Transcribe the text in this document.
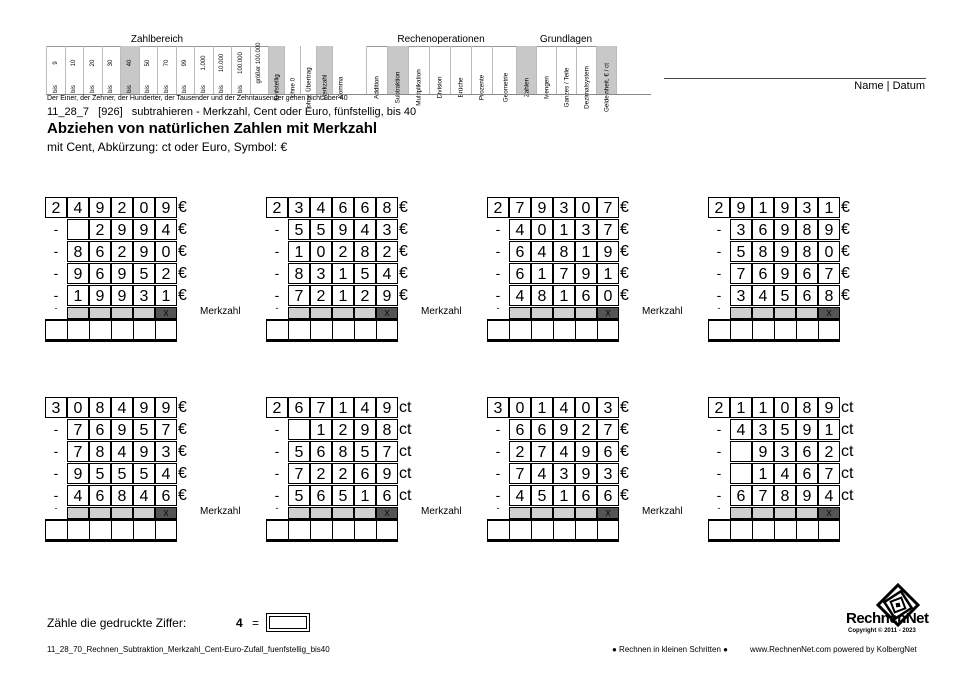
Zahlbereich	Rechenoperationen	Grundlagen
9
bis
10
bis
20
bis
30
bis
40
bis
50
bis
70
bis
99
bis
1.000
bis
10.000
bis
100.000
bis
größer 100.000
fünfstellig ohne 0 ohne Übertrag Merkzahl Komma	Addition Subtraktion Multiplikation Division Brüche Prozente	Geometrie Zahlen Mengen Ganzes / Teile Dezimalsystem Geldeinheit, € / ct
Der Einer, der Zehner, der Hunderter, der Tausender und der Zehntausender gehen nicht über 40
Name | Datum
11_28_7   [926]   subtrahieren - Merkzahl, Cent oder Euro, fünfstellig, bis 40
Abziehen von natürlichen Zahlen mit Merkzahl
mit Cent, Abkürzung: ct oder Euro, Symbol: €
2 4 9 2 0 9 €
-	2 9 9 4 €
- 8 6 2 9 0 €
- 9 6 9 5 2 €
- 1 9 9 3 1 €
-
X	Merkzahl
2 3 4 6 6 8 €
- 5 5 9 4 3 €
- 1 0 2 8 2 €
- 8 3 1 5 4 €
- 7 2 1 2 9 €
-
X	Merkzahl
2 7 9 3 0 7 €
- 4 0 1 3 7 €
- 6 4 8 1 9 €
- 6 1 7 9 1 €
- 4 8 1 6 0 €
-
X	Merkzahl
2 9 1 9 3 1 €
- 3 6 9 8 9 €
- 5 8 9 8 0 €
- 7 6 9 6 7 €
- 3 4 5 6 8 €
-
X
3 0 8 4 9 9 €
- 7 6 9 5 7 €
- 7 8 4 9 3 €
- 9 5 5 5 4 €
- 4 6 8 4 6 €
-
X	Merkzahl
2 6 7 1 4 9 ct
-	1 2 9 8 ct
- 5 6 8 5 7 ct
- 7 2 2 6 9 ct
- 5 6 5 1 6 ct
-
X	Merkzahl
3 0 1 4 0 3 €
- 6 6 9 2 7 €
- 2 7 4 9 6 €
- 7 4 3 9 3 €
- 4 5 1 6 6 €
-
X	Merkzahl
2 1 1 0 8 9 ct
- 4 3 5 9 1 ct
-	9 3 6 2 ct
-	1 4 6 7 ct
- 6 7 8 9 4 ct
-
X
Zähle die gedruckte Ziffer:	4 =
11_28_70_Rechnen_Subtraktion_Merkzahl_Cent-Euro-Zufall_fuenfstellig_bis40	● Rechnen in kleinen Schritten ●	www.RechnenNet.com powered by KolbergNet
RechnenNet
Copyright © 2011 - 2023
